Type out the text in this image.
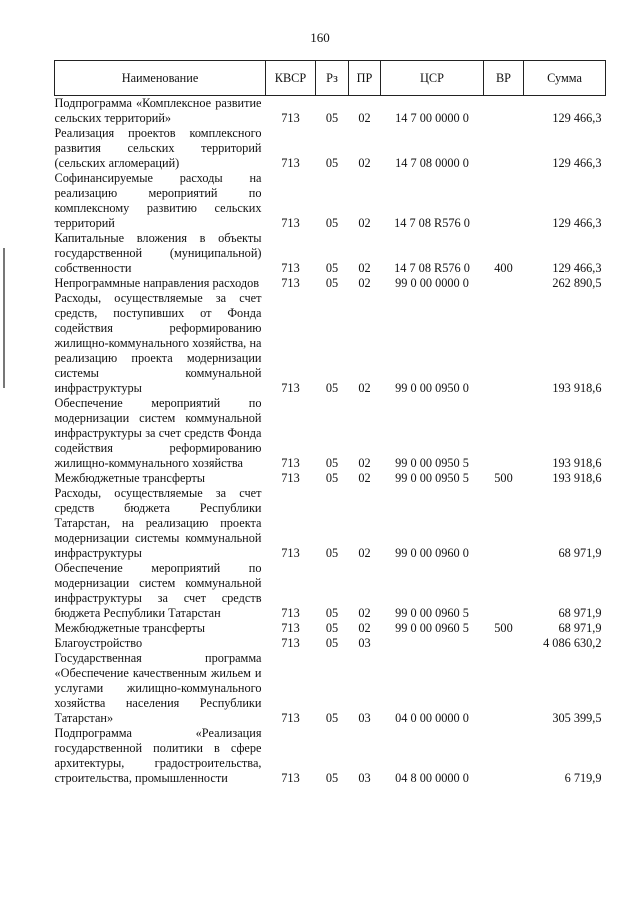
160
Наименование	КВСР	Рз	ПР	ЦСР	ВР	Сумма
Подпрограмма «Комплексное развитие сельских территорий»	713	05	02	14 7 00 0000 0		129 466,3
Реализация проектов комплексного развития сельских территорий (сельских агломераций)	713	05	02	14 7 08 0000 0		129 466,3
Софинансируемые расходы на реализацию мероприятий по комплексному развитию сельских территорий	713	05	02	14 7 08 R576 0		129 466,3
Капитальные вложения в объекты государственной (муниципальной) собственности	713	05	02	14 7 08 R576 0	400	129 466,3
Непрограммные направления расходов	713	05	02	99 0 00 0000 0		262 890,5
Расходы, осуществляемые за счет средств, поступивших от Фонда содействия реформированию жилищно-коммунального хозяйства, на реализацию проекта модернизации системы коммунальной инфраструктуры	713	05	02	99 0 00 0950 0		193 918,6
Обеспечение мероприятий по модернизации систем коммунальной инфраструктуры за счет средств Фонда содействия реформированию жилищно-коммунального хозяйства	713	05	02	99 0 00 0950 5		193 918,6
Межбюджетные трансферты	713	05	02	99 0 00 0950 5	500	193 918,6
Расходы, осуществляемые за счет средств бюджета Республики Татарстан, на реализацию проекта модернизации системы коммунальной инфраструктуры	713	05	02	99 0 00 0960 0		68 971,9
Обеспечение мероприятий по модернизации систем коммунальной инфраструктуры за счет средств бюджета Республики Татарстан	713	05	02	99 0 00 0960 5		68 971,9
Межбюджетные трансферты	713	05	02	99 0 00 0960 5	500	68 971,9
Благоустройство	713	05	03			4 086 630,2
Государственная программа «Обеспечение качественным жильем и услугами жилищно-коммунального хозяйства населения Республики Татарстан»	713	05	03	04 0 00 0000 0		305 399,5
Подпрограмма «Реализация государственной политики в сфере архитектуры, градостроительства, строительства, промышленности	713	05	03	04 8 00 0000 0		6 719,9
